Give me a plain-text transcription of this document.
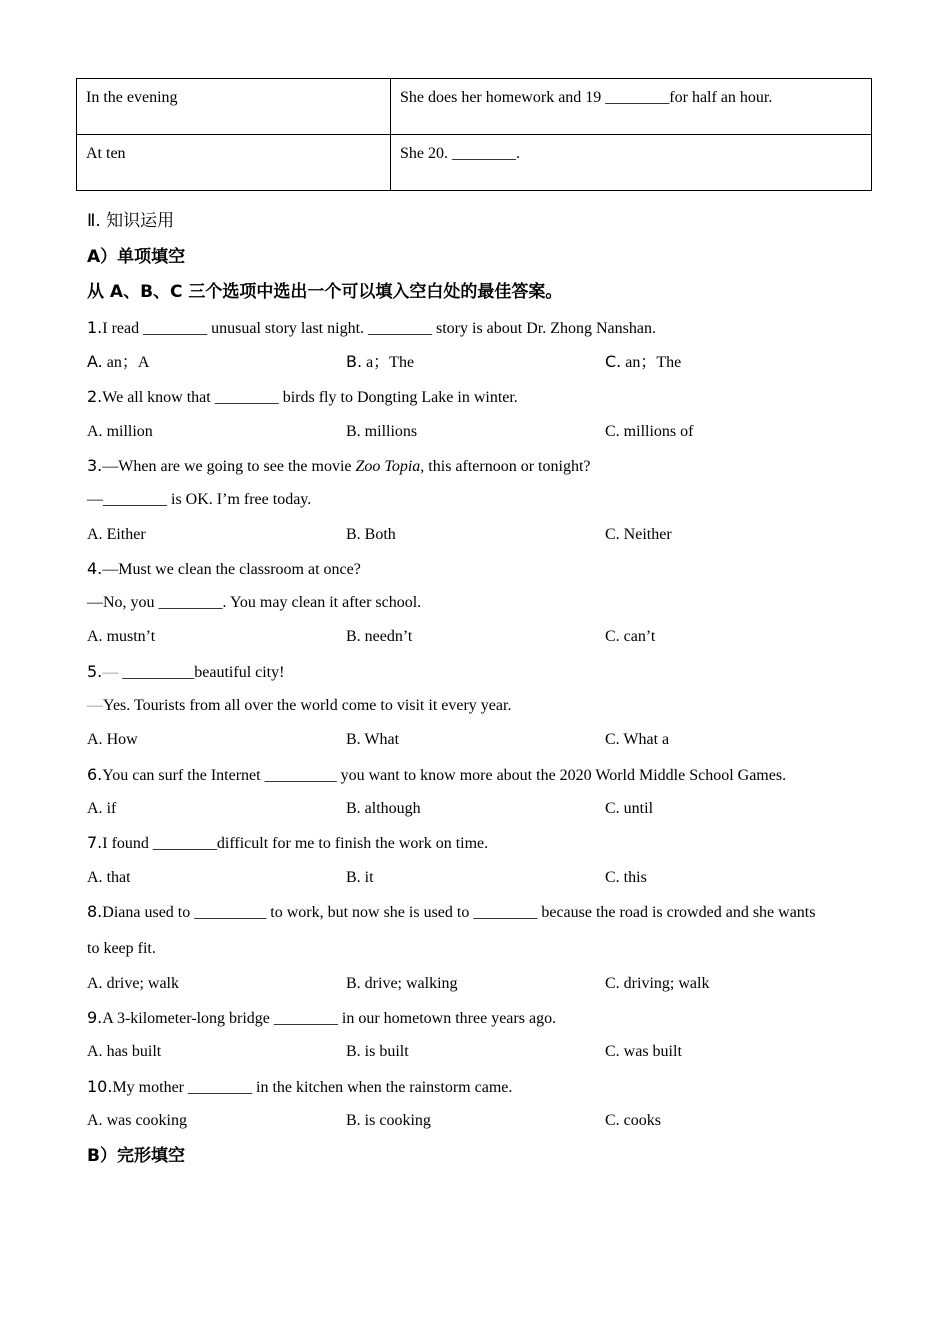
In the evening	She does her homework and 19 ________for half an hour.
At ten	She 20. ________.
Ⅱ. 知识运用
A）单项填空
从 A、B、C 三个选项中选出一个可以填入空白处的最佳答案。
1.I read ________ unusual story last night. ________ story is about Dr. Zhong Nanshan.
A. an；A	B. a；The	C. an；The
2.We all know that ________ birds fly to Dongting Lake in winter.
A. million	B. millions	C. millions of
3.—When are we going to see the movie Zoo Topia, this afternoon or tonight?
—________ is OK. I’m free today.
A. Either	B. Both	C. Neither
4.—Must we clean the classroom at once?
—No, you ________. You may clean it after school.
A. mustn’t	B. needn’t	C. can’t
5.— _________beautiful city!
—Yes. Tourists from all over the world come to visit it every year.
A. How	B. What	C. What a
6.You can surf the Internet _________ you want to know more about the 2020 World Middle School Games.
A. if	B. although	C. until
7.I found ________difficult for me to finish the work on time.
A. that	B. it	C. this
8.Diana used to _________ to work, but now she is used to ________ because the road is crowded and she wants
to keep fit.
A. drive; walk	B. drive; walking	C. driving; walk
9.A 3-kilometer-long bridge ________ in our hometown three years ago.
A. has built	B. is built	C. was built
10.My mother ________ in the kitchen when the rainstorm came.
A. was cooking	B. is cooking	C. cooks
B）完形填空
